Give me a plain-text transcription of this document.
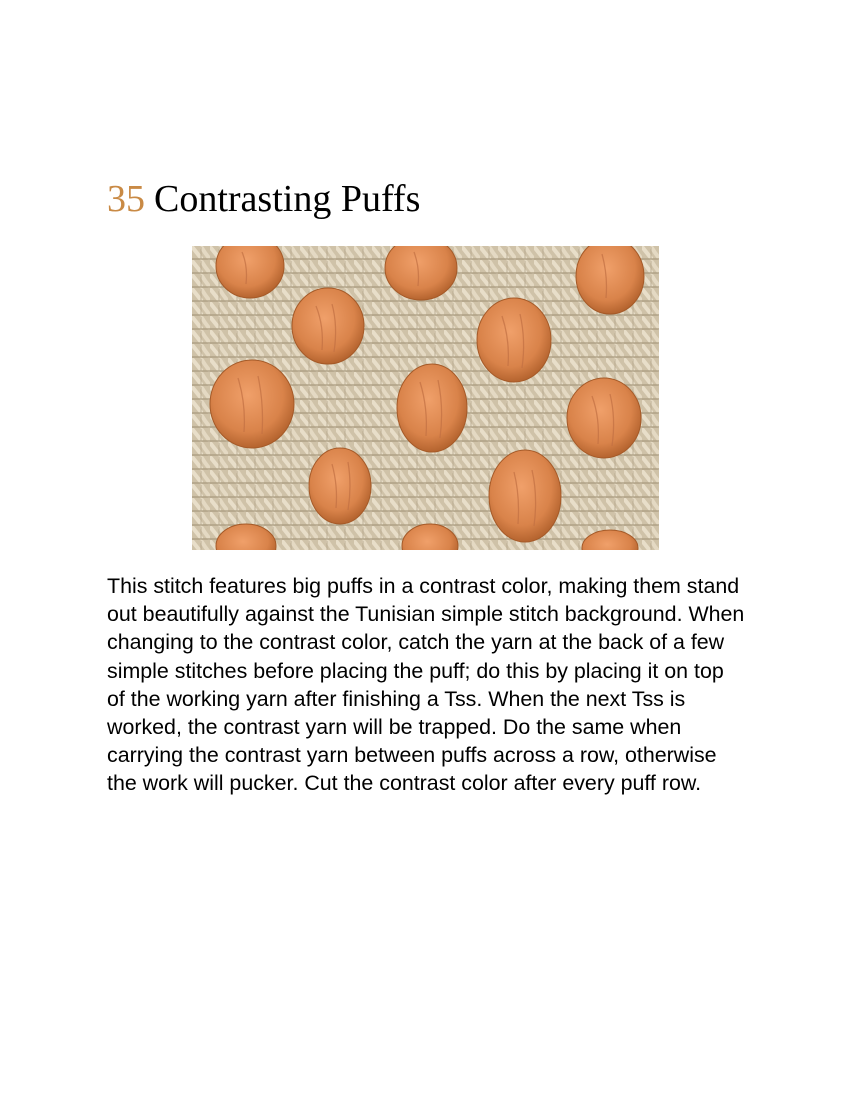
35 Contrasting Puffs

This stitch features big puffs in a contrast color, making them stand out beautifully against the Tunisian simple stitch background. When changing to the contrast color, catch the yarn at the back of a few simple stitches before placing the puff; do this by placing it on top of the working yarn after finishing a Tss. When the next Tss is worked, the contrast yarn will be trapped. Do the same when carrying the contrast yarn between puffs across a row, otherwise the work will pucker. Cut the contrast color after every puff row.
